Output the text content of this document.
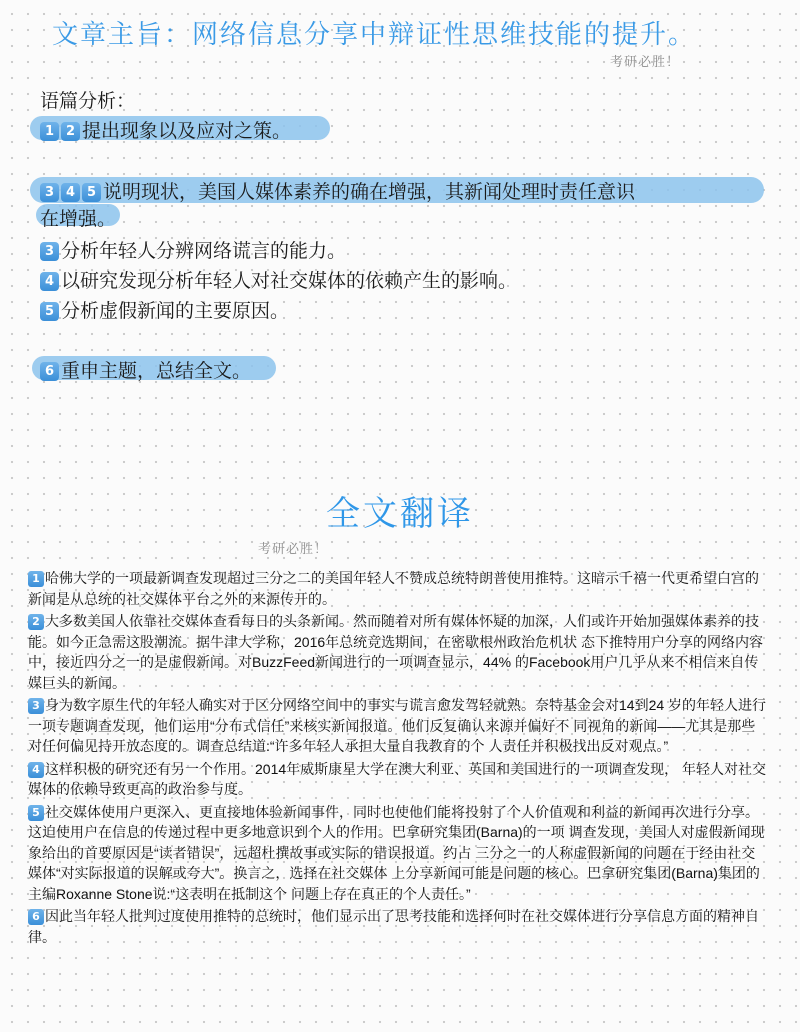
文章主旨：网络信息分享中辩证性思维技能的提升。
考研必胜！
语篇分析：
1 2 提出现象以及应对之策。
3 4 5 说明现状，美国人媒体素养的确在增强，其新闻处理时责任意识
在增强。
3 分析年轻人分辨网络谎言的能力。
4 以研究发现分析年轻人对社交媒体的依赖产生的影响。
5 分析虚假新闻的主要原因。
6 重申主题，总结全文。
全文翻译
考研必胜！

1 哈佛大学的一项最新调查发现超过三分之二的美国年轻人不赞成总统特朗普使用推特。这暗示千禧一代更希望白宫的新闻是从总统的社交媒体平台之外的来源传开的。

2 大多数美国人依靠社交媒体查看每日的头条新闻。然而随着对所有媒体怀疑的加深，人们或许开始加强媒体素养的技能。如今正急需这股潮流。据牛津大学称，2016年总统竞选期间，在密歇根州政治危机状 态下推特用户分享的网络内容中，接近四分之一的是虚假新闻。对BuzzFeed新闻进行的一项调查显示，44% 的Facebook用户几乎从来不相信来自传媒巨头的新闻。

3 身为数字原生代的年轻人确实对于区分网络空间中的事实与谎言愈发驾轻就熟。奈特基金会对14到24 岁的年轻人进行一项专题调查发现，他们运用“分布式信任”来核实新闻报道。他们反复确认来源并偏好不 同视角的新闻——尤其是那些对任何偏见持开放态度的。调查总结道:“许多年轻人承担大量自我教育的个 人责任并积极找出反对观点。”

4 这样积极的研究还有另一个作用。2014年威斯康星大学在澳大利亚、英国和美国进行的一项调查发现， 年轻人对社交媒体的依赖导致更高的政治参与度。

5 社交媒体使用户更深入、更直接地体验新闻事件，同时也使他们能将投射了个人价值观和利益的新闻再次进行分享。这迫使用户在信息的传递过程中更多地意识到个人的作用。巴拿研究集团(Barna)的一项 调查发现，美国人对虚假新闻现象给出的首要原因是“读者错误”，远超杜撰故事或实际的错误报道。约占 三分之一的人称虚假新闻的问题在于经由社交媒体“对实际报道的误解或夸大”。换言之，选择在社交媒体 上分享新闻可能是问题的核心。巴拿研究集团(Barna)集团的主编Roxanne Stone说:“这表明在抵制这个 问题上存在真正的个人责任。”

6 因此当年轻人批判过度使用推特的总统时，他们显示出了思考技能和选择何时在社交媒体进行分享信息方面的精神自律。
